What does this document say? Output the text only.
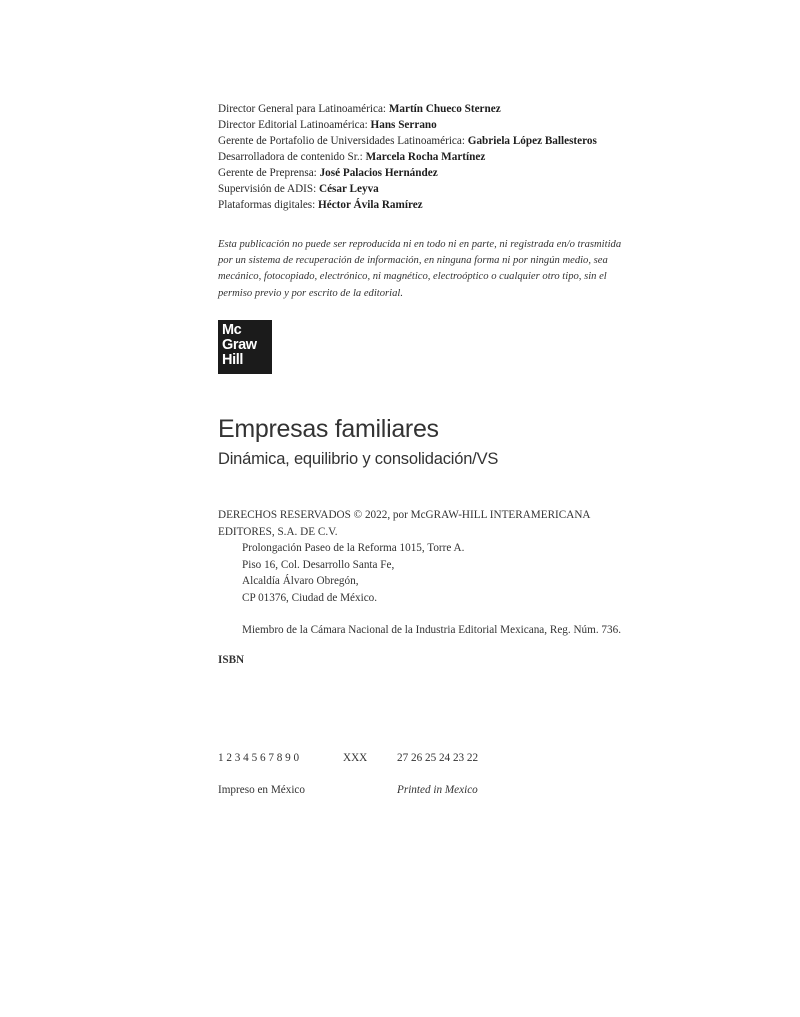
Director General para Latinoamérica: Martín Chueco Sternez
Director Editorial Latinoamérica: Hans Serrano
Gerente de Portafolio de Universidades Latinoamérica: Gabriela López Ballesteros
Desarrolladora de contenido Sr.: Marcela Rocha Martínez
Gerente de Preprensa: José Palacios Hernández
Supervisión de ADIS: César Leyva
Plataformas digitales: Héctor Ávila Ramírez
Esta publicación no puede ser reproducida ni en todo ni en parte, ni registrada en/o trasmitida
por un sistema de recuperación de información, en ninguna forma ni por ningún medio, sea
mecánico, fotocopiado, electrónico, ni magnético, electroóptico o cualquier otro tipo, sin el
permiso previo y por escrito de la editorial.
Mc
Graw
Hill
Empresas familiares
Dinámica, equilibrio y consolidación/VS
DERECHOS RESERVADOS © 2022, por McGRAW-HILL INTERAMERICANA
EDITORES, S.A. DE C.V.
Prolongación Paseo de la Reforma 1015, Torre A.
Piso 16, Col. Desarrollo Santa Fe,
Alcaldía Álvaro Obregón,
CP 01376, Ciudad de México.
Miembro de la Cámara Nacional de la Industria Editorial Mexicana, Reg. Núm. 736.
ISBN
1 2 3 4 5 6 7 8 9 0	XXX	27 26 25 24 23 22
Impreso en México	Printed in Mexico
